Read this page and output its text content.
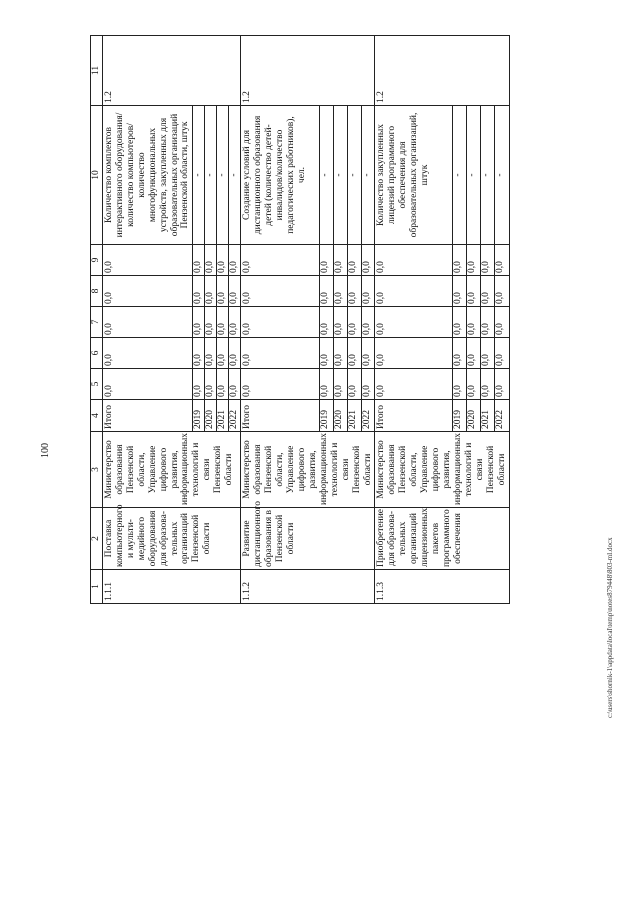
100
1	2	3	4	5	6	7	8	9	10	11
1.1.1	Поставка компьютерного и мульти-медийного оборудования для образова-тельных организаций Пензенской области	Министерство образования Пензенской области, Управление цифрового развития, информационных технологий и связи Пензенской области	Итого	0,0	0,0	0,0	0,0	0,0	Количество комплектов интерактивного оборудования/количество компьютеров/количество многофункциональных устройств, закупленных для образовательных организаций Пензенской области, штук	1.2
			2019	0,0	0,0	0,0	0,0	0,0	-	
			2020	0,0	0,0	0,0	0,0	0,0	-	
			2021	0,0	0,0	0,0	0,0	0,0	-	
			2022	0,0	0,0	0,0	0,0	0,0	-	
1.1.2	Развитие дистанционного образования в Пензенской области	Министерство образования Пензенской области, Управление цифрового развития, информационных технологий и связи Пензенской области	Итого	0,0	0,0	0,0	0,0	0,0	Создание условий для дистанционного образования детей (количество детей-инвалидов/количество педагогических работников), чел.	1.2
			2019	0,0	0,0	0,0	0,0	0,0	-	
			2020	0,0	0,0	0,0	0,0	0,0	-	
			2021	0,0	0,0	0,0	0,0	0,0	-	
			2022	0,0	0,0	0,0	0,0	0,0	-	
1.1.3	Приобретение для образова-тельных организаций лицензионных пакетов программного обеспечения	Министерство образования Пензенской области, Управление цифрового развития, информационных технологий и связи Пензенской области	Итого	0,0	0,0	0,0	0,0	0,0	Количество закупленных лицензий программного обеспечения для образовательных организаций, штук	1.2
			2019	0,0	0,0	0,0	0,0	0,0	-	
			2020	0,0	0,0	0,0	0,0	0,0	-	
			2021	0,0	0,0	0,0	0,0	0,0	-	
			2022	0,0	0,0	0,0	0,0	0,0	-	
c:\users\shornik-1\appdata\local\temp\notes879448\803-ml.docx
